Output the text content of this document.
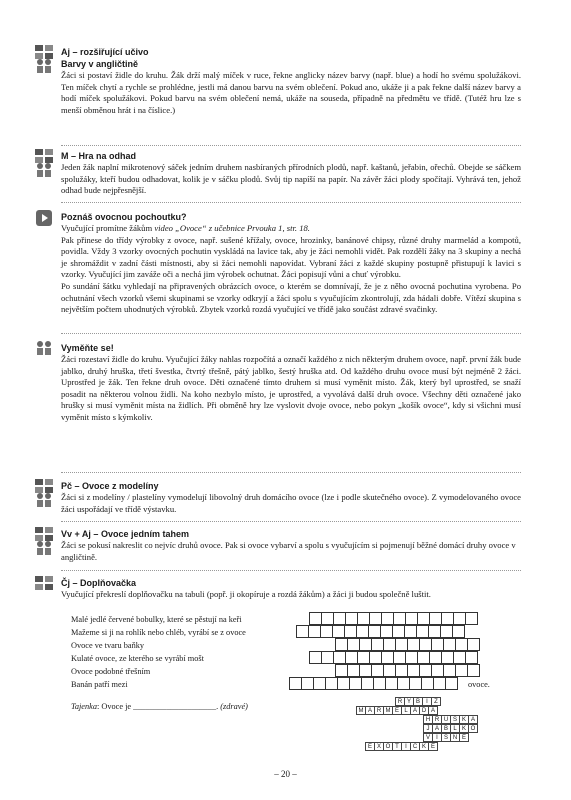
Aj – rozšiřující učivo
Barvy v angličtině

Žáci si postaví židle do kruhu. Žák drží malý míček v ruce, řekne anglicky název barvy (např. blue) a hodí ho svému spolužákovi. Ten míček chytí a rychle se prohlédne, jestli má danou barvu na svém oblečení. Pokud ano, ukáže ji a pak řekne další název barvy a hodí míček spolužákovi. Pokud barvu na svém oblečení nemá, ukáže na souseda, případně na předmětu ve třídě. (Tutéž hru lze s menší obměnou hrát i na číslice.)

M – Hra na odhad

Jeden žák naplní mikrotenový sáček jedním druhem nasbíraných přírodních plodů, např. kaštanů, jeřabin, ořechů. Obejde se sáčkem spolužáky, kteří budou odhadovat, kolik je v sáčku plodů. Svůj tip napíší na papír. Na závěr žáci plody spočítají. Vyhrává ten, jehož odhad bude nejpřesnější.

Poznáš ovocnou pochoutku?

Vyučující promítne žákům video „Ovoce“ z učebnice Prvouka 1, str. 18.

Pak přinese do třídy výrobky z ovoce, např. sušené křížaly, ovoce, hrozinky, banánové chipsy, různé druhy marmelád a kompotů, povidla. Vždy 3 vzorky ovocných pochutin vyskládá na lavice tak, aby je žáci nemohli vidět. Pak rozdělí žáky na 3 skupiny a nechá je shromáždit v zadní části místnosti, aby si žáci nemohli napovídat. Vybraní žáci z každé skupiny postupně přistupují k lavici s vzorky. Vyučující jim zaváže oči a nechá jim výrobek ochutnat. Žáci popisují vůni a chuť výrobku.

Po sundání šátku vyhledají na připravených obrázcích ovoce, o kterém se domnívají, že je z něho ovocná pochutina vyrobena. Po ochutnání všech vzorků všemi skupinami se vzorky odkryjí a žáci spolu s vyučujícím zkontrolují, zda hádali dobře. Vítězí skupina s největším počtem uhodnutých výrobků. Zbytek vzorků rozdá vyučující ve třídě jako součást zdravé svačinky.

Vyměňte se!

Žáci rozestaví židle do kruhu. Vyučující žáky nahlas rozpočítá a označí každého z nich některým druhem ovoce, např. první žák bude jablko, druhý hruška, třetí švestka, čtvrtý třešně, pátý jablko, šestý hruška atd. Od každého druhu ovoce musí být nejméně 2 žáci. Uprostřed je žák. Ten řekne druh ovoce. Děti označené tímto druhem si musí vyměnit místo. Žák, který byl uprostřed, se snaží posadit na některou volnou židli. Na koho nezbylo místo, je uprostřed, a vyvolává další druh ovoce. Všechny děti označené jako hrušky si musí vyměnit místa na židlích. Při obměně hry lze vyslovit dvoje ovoce, nebo pokyn „košík ovoce“, kdy si všichni musí vyměnit místo s kýmkoliv.

Pč – Ovoce z modelíny

Žáci si z modelíny / plastelíny vymodelují libovolný druh domácího ovoce (lze i podle skutečného ovoce). Z vymodelovaného ovoce žáci uspořádají ve třídě výstavku.

Vv + Aj – Ovoce jedním tahem

Žáci se pokusí nakreslit co nejvíc druhů ovoce. Pak si ovoce vybarví a spolu s vyučujícím si pojmenují běžné domácí druhy ovoce v angličtině.

Čj – Doplňovačka

Vyučující překreslí doplňovačku na tabuli (popř. ji okopíruje a rozdá žákům) a žáci ji budou společně luštit.

Malé jedlé červené bobulky, které se pěstují na keři
Mažeme si ji na rohlík nebo chléb, vyrábí se z ovoce
Ovoce ve tvaru baňky
Kulaté ovoce, ze kterého se vyrábí mošt
Ovoce podobné třešním
Banán patří mezi	ovoce.
Tajenka: Ovoce je ____________________. (zdravé)	R Y B	I	Z
M A R M E L A D A
H R U S K A
J A B L K O
V	I	S N E
E X O T	I	C K E
– 20 –
